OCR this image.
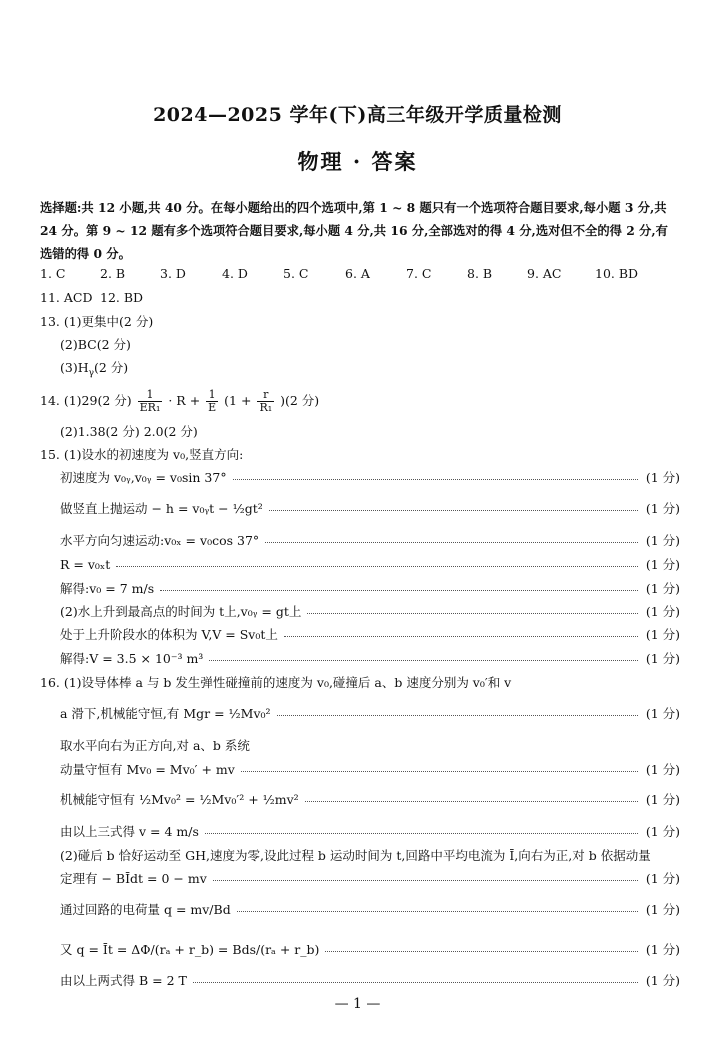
2024—2025 学年(下)高三年级开学质量检测
物理 · 答案
选择题:共 12 小题,共 40 分。在每小题给出的四个选项中,第 1 ~ 8 题只有一个选项符合题目要求,每小题 3 分,共 24 分。第 9 ~ 12 题有多个选项符合题目要求,每小题 4 分,共 16 分,全部选对的得 4 分,选对但不全的得 2 分,有选错的得 0 分。
1. C	2. B	3. D	4. D	5. C	6. A	7. C	8. B	9. AC	10. BD
11. ACD 12. BD
13. (1)更集中(2 分)
(2)BC(2 分)
$(3)H_\gamma(2$ 分)
14. (1)29(2 分) $\frac{1}{\text{ER₁}} \cdot R + \frac{1}{E} (1 + \frac{r}{\text{R₁}} )(2$ 分)
(2)1.38(2 分) 2.0(2 分)
15. (1)设水的初速度为 v₀,竖直方向:
初速度为 v₀ᵧ,v₀ᵧ = v₀sin 37°	(1 分)
做竖直上抛运动 − h = v₀ᵧt − ½gt²	(1 分)
水平方向匀速运动:v₀ₓ = v₀cos 37°	(1 分)
R = v₀ₓt	(1 分)
解得:v₀ = 7 m/s	(1 分)
(2)水上升到最高点的时间为 t上,v₀ᵧ = gt上	(1 分)
处于上升阶段水的体积为 V,V = Sv₀t上	(1 分)
解得:V = 3.5 × 10⁻³ m³	(1 分)
16. (1)设导体棒 a 与 b 发生弹性碰撞前的速度为 v₀,碰撞后 a、b 速度分别为 v₀′和 v
a 滑下,机械能守恒,有 Mgr = ½Mv₀²	(1 分)
取水平向右为正方向,对 a、b 系统
动量守恒有 Mv₀ = Mv₀′ + mv	(1 分)
机械能守恒有 ½Mv₀² = ½Mv₀′² + ½mv²	(1 分)
由以上三式得 v = 4 m/s	(1 分)
(2)碰后 b 恰好运动至 GH,速度为零,设此过程 b 运动时间为 t,回路中平均电流为 Ī,向右为正,对 b 依据动量
定理有 − BĪdt = 0 − mv	(1 分)
通过回路的电荷量 q = mv/Bd	(1 分)
又 q = Īt = ΔΦ/(rₐ + r_b) = Bds/(rₐ + r_b)	(1 分)
由以上两式得 B = 2 T	(1 分)
— 1 —
